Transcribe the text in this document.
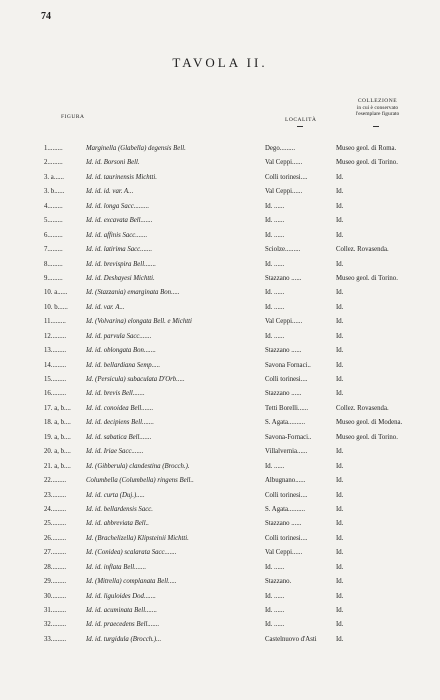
74
TAVOLA II.
FIGURA	LOCALITÀ
COLLEZIONE
in cui è conservato
l'esemplare figurato
1.........	Marginella (Glabella) degensis Bell.	Dego.........	Museo geol. di Roma.
2.........	Id. id. Borsoni Bell.	Val Ceppi......	Museo geol. di Torino.
3. a......	Id. id. taurinensis Michtti.	Colli torinesi....	Id.
3. b......	Id. id. id. var. A...	Val Ceppi......	Id.
4.........	Id. id. longa Sacc.........	Id. ......	Id.
5.........	Id. id. excavata Bell.......	Id. ......	Id.
6.........	Id. id. affinis Sacc.......	Id. ......	Id.
7.........	Id. id. latirima Sacc.......	Sciolze.........	Collez. Rovasenda.
8.........	Id. id. brevispira Bell.......	Id. ......	Id.
9.........	Id. id. Deshayesi Michtti.	Stazzano ......	Museo geol. di Torino.
10. a......	Id. (Stazzania) emarginata Bon.....	Id. ......	Id.
10. b......	Id. id. var. A...	Id. ......	Id.
11.........	Id. (Volvarina) elongata Bell. e Michtti	Val Ceppi......	Id.
12.........	Id. id. parvula Sacc.......	Id. ......	Id.
13.........	Id. id. oblongata Bon.......	Stazzano ......	Id.
14.........	Id. id. bellardiana Semp.....	Savona Fornaci..	Id.
15.........	Id. (Persicula) subaculata D'Orb.....	Colli torinesi....	Id.
16.........	Id. id. brevis Bell.......	Stazzano ......	Id.
17. a, b....	Id. id. conoidea Bell.......	Tetti Borelli......	Collez. Rovasenda.
18. a, b....	Id. id. decipiens Bell.......	S. Agata..........	Museo geol. di Modena.
19. a, b....	Id. id. sabatica Bell.......	Savona-Fornaci..	Museo geol. di Torino.
20. a, b....	Id. id. Iriae Sacc.......	Villalvernia......	Id.
21. a, b....	Id. (Gibberula) clandestina (Brocch.).	Id. ......	Id.
22.........	Columbella (Columbella) ringens Bell..	Albugnano......	Id.
23.........	Id. id. curta (Duj.).....	Colli torinesi....	Id.
24.........	Id. id. bellardensis Sacc.	S. Agata..........	Id.
25.........	Id. id. abbreviata Bell..	Stazzano ......	Id.
26.........	Id. (Brachelizella) Klipsteinii Michtti.	Colli torinesi....	Id.
27.........	Id. (Conidea) scalarata Sacc.......	Val Ceppi......	Id.
28.........	Id. id. inflata Bell.......	Id. ......	Id.
29.........	Id. (Mitrella) complanata Bell.....	Stazzano.	Id.
30.........	Id. id. liguloides Dod.......	Id. ......	Id.
31.........	Id. id. acuminata Bell.......	Id. ......	Id.
32.........	Id. id. praecedens Bell.......	Id. ......	Id.
33.........	Id. id. turgidula (Brocch.)...	Castelnuovo d'Asti	Id.
